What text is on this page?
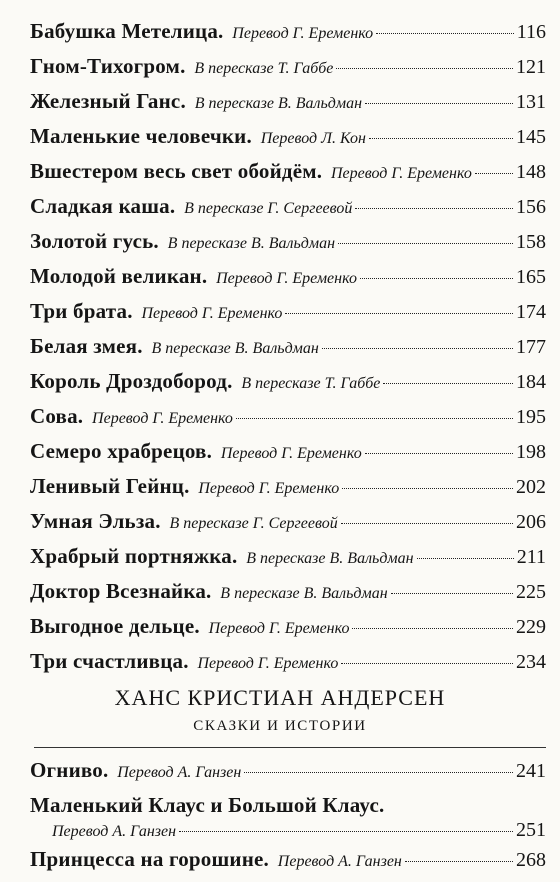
Бабушка Метелица . Перевод Г. Еременко	116
Гном-Тихогром . В пересказе Т. Габбе	121
Железный Ганс . В пересказе В. Вальдман	131
Маленькие человечки . Перевод Л. Кон	145
Вшестером весь свет обойдём . Перевод Г. Еременко 148
Сладкая каша . В пересказе Г. Сергеевой	156
Золотой гусь . В пересказе В. Вальдман	158
Молодой великан . Перевод Г. Еременко	165
Три брата . Перевод Г. Еременко	174
Белая змея . В пересказе В. Вальдман	177
Король Дроздобород . В пересказе Т. Габбе	184
Сова . Перевод Г. Еременко	195
Семеро храбрецов . Перевод Г. Еременко	198
Ленивый Гейнц . Перевод Г. Еременко	202
Умная Эльза . В пересказе Г. Сергеевой	206
Храбрый портняжка . В пересказе В. Вальдман	211
Доктор Всезнайка . В пересказе В. Вальдман	225
Выгодное дельце . Перевод Г. Еременко	229
Три счастливца . Перевод Г. Еременко	234
ХАНС КРИСТИАН АНДЕРСЕН
СКАЗКИ И ИСТОРИИ
Огниво . Перевод А. Ганзен	241
Маленький Клаус и Большой Клаус.
Перевод А. Ганзен	251
Принцесса на горошине . Перевод А. Ганзен	268
